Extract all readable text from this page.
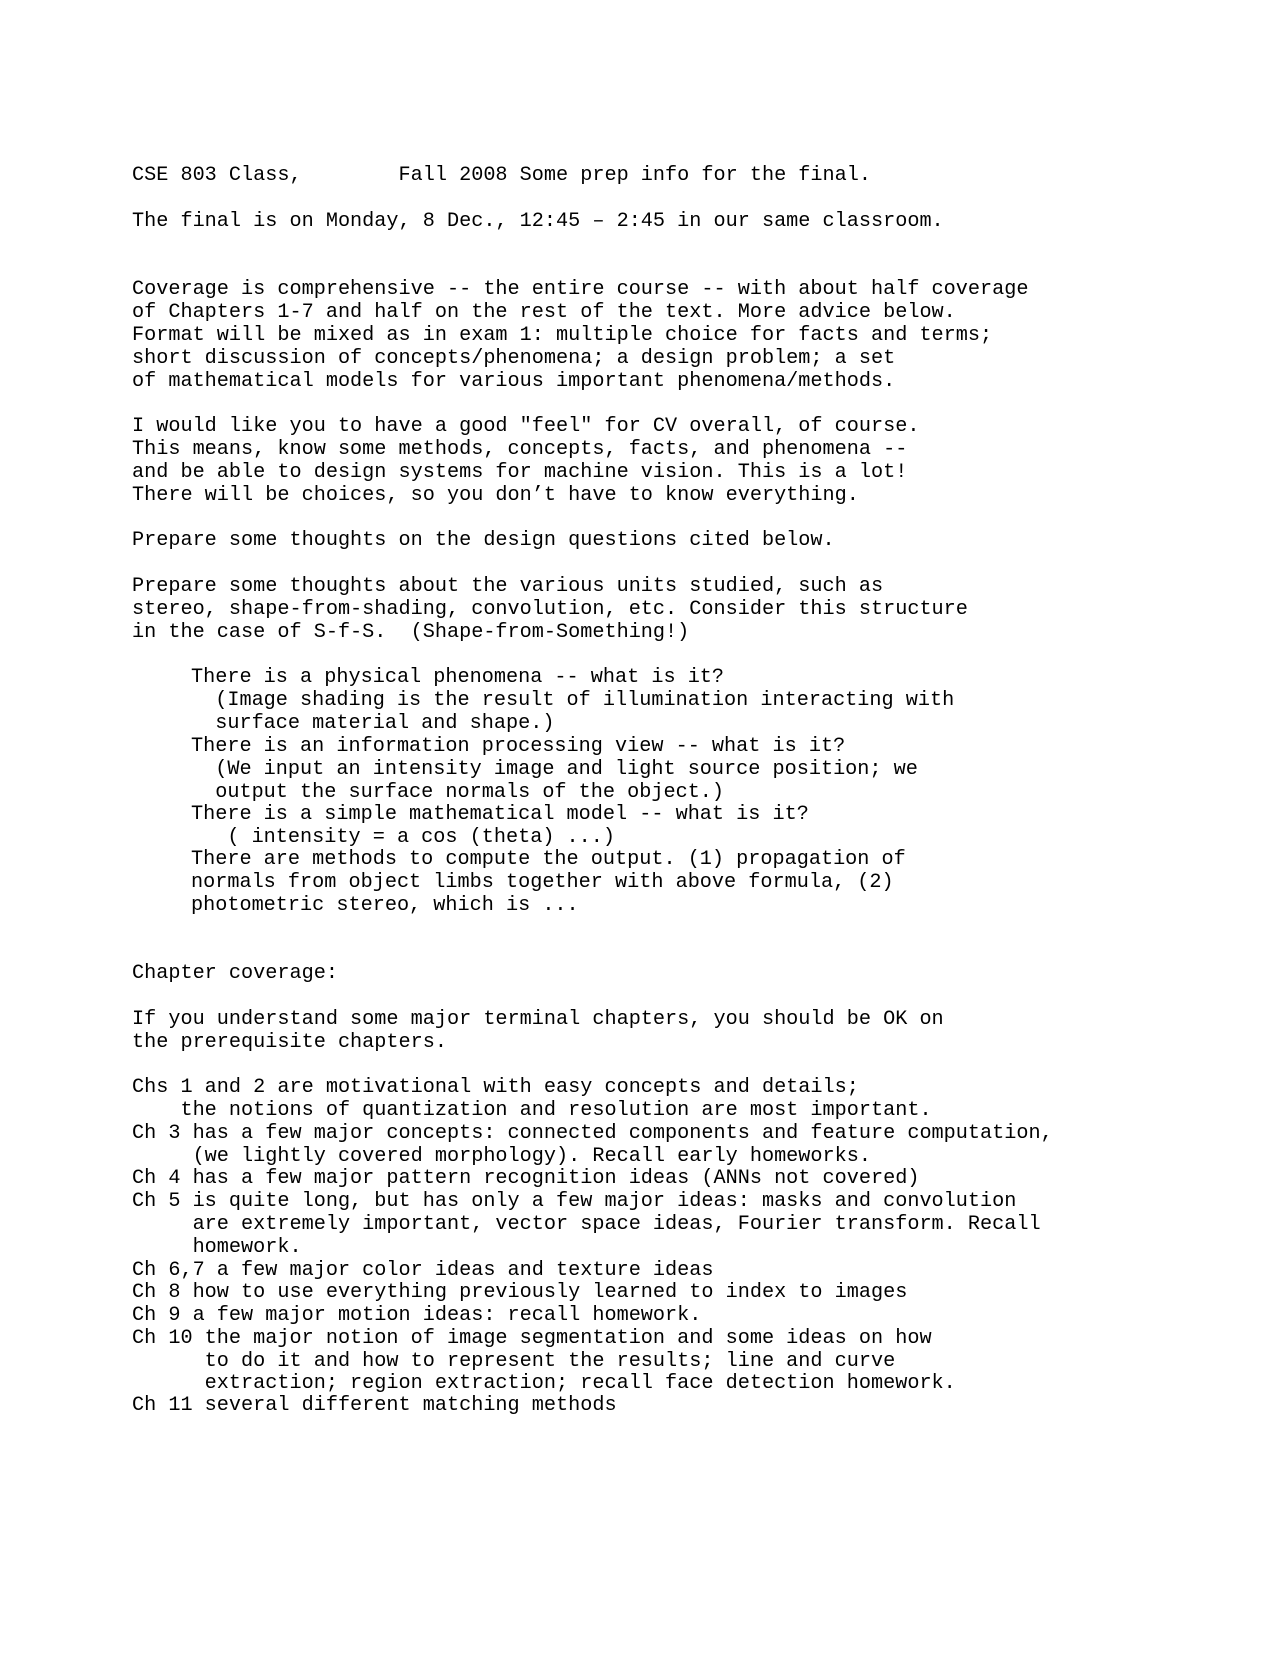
CSE 803 Class,        Fall 2008 Some prep info for the final.

The final is on Monday, 8 Dec., 12:45 – 2:45 in our same classroom.

Coverage is comprehensive -- the entire course -- with about half coverage

of Chapters 1-7 and half on the rest of the text. More advice below.

Format will be mixed as in exam 1: multiple choice for facts and terms;

short discussion of concepts/phenomena; a design problem; a set

of mathematical models for various important phenomena/methods.

I would like you to have a good "feel" for CV overall, of course.

This means, know some methods, concepts, facts, and phenomena --

and be able to design systems for machine vision. This is a lot!

There will be choices, so you don’t have to know everything.

Prepare some thoughts on the design questions cited below.

Prepare some thoughts about the various units studied, such as

stereo, shape-from-shading, convolution, etc. Consider this structure

in the case of S-f-S.  (Shape-from-Something!)

There is a physical phenomena -- what is it?

(Image shading is the result of illumination interacting with

surface material and shape.)

There is an information processing view -- what is it?

(We input an intensity image and light source position; we

output the surface normals of the object.)

There is a simple mathematical model -- what is it?

( intensity = a cos (theta) ...)

There are methods to compute the output. (1) propagation of

normals from object limbs together with above formula, (2)

photometric stereo, which is ...

Chapter coverage:

If you understand some major terminal chapters, you should be OK on

the prerequisite chapters.

Chs 1 and 2 are motivational with easy concepts and details;

the notions of quantization and resolution are most important.

Ch 3 has a few major concepts: connected components and feature computation,

(we lightly covered morphology). Recall early homeworks.

Ch 4 has a few major pattern recognition ideas (ANNs not covered)

Ch 5 is quite long, but has only a few major ideas: masks and convolution

are extremely important, vector space ideas, Fourier transform. Recall

homework.

Ch 6,7 a few major color ideas and texture ideas

Ch 8 how to use everything previously learned to index to images

Ch 9 a few major motion ideas: recall homework.

Ch 10 the major notion of image segmentation and some ideas on how

to do it and how to represent the results; line and curve

extraction; region extraction; recall face detection homework.

Ch 11 several different matching methods
